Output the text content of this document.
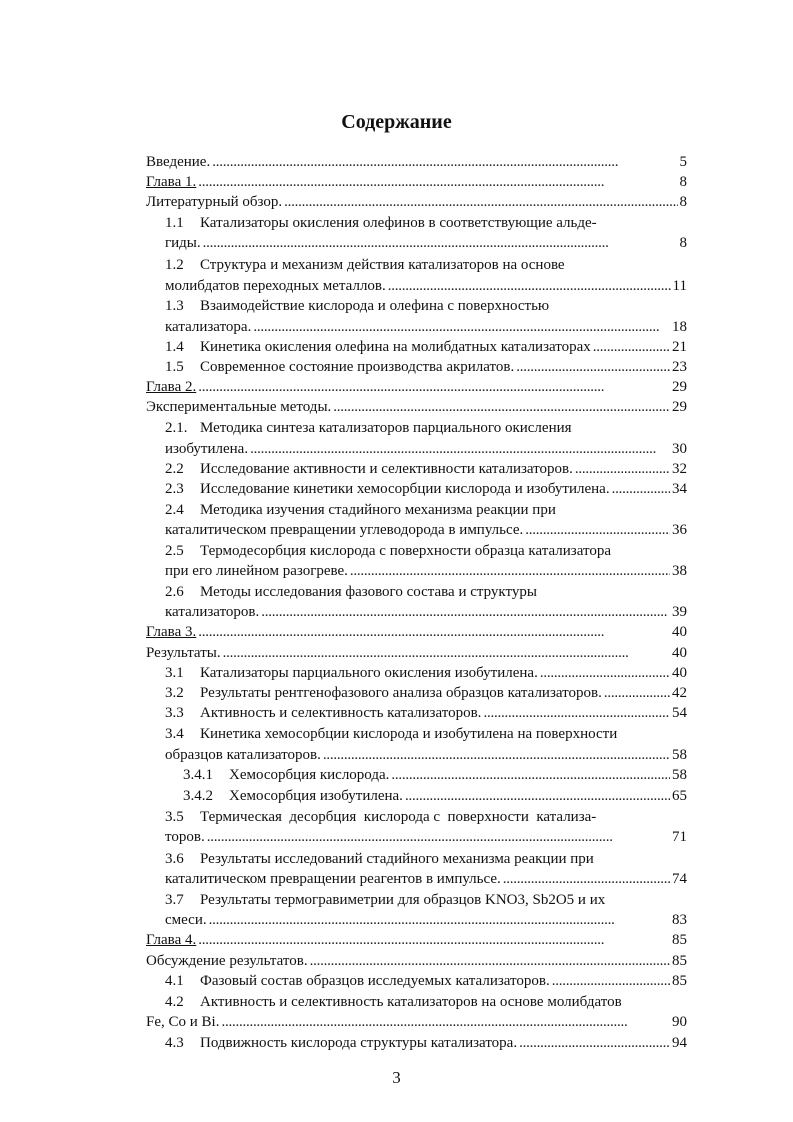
Содержание
Введение. . . .	5
Глава 1. . . .	8
Литературный обзор. . . .	8
1.1	Катализаторы окисления олефинов в соответствующие альде-
гиды. . . .	8
1.2	Структура и механизм действия катализаторов на основе
молибдатов переходных металлов. . . .	11
1.3	Взаимодействие кислорода и олефина с поверхностью
катализатора. . . .	18
1.4	Кинетика окисления олефина на молибдатных катализаторах . . .	21
1.5	Современное состояние производства акрилатов. . . .	23
Глава 2. . . .	29
Экспериментальные методы. . . .	29
2.1. Методика синтеза катализаторов парциального окисления
изобутилена. . . .	30
2.2	Исследование активности и селективности катализаторов. . . .	32
2.3	Исследование кинетики хемосорбции кислорода и изобутилена. . . .	34
2.4	Методика изучения стадийного механизма реакции при
каталитическом превращении углеводорода в импульсе. . . .	36
2.5	Термодесорбция кислорода с поверхности образца катализатора
при его линейном разогреве. . . .	38
2.6	Методы исследования фазового состава и структуры
катализаторов. . . .	39
Глава 3. . . .	40
Результаты. . . .	40
3.1	Катализаторы парциального окисления изобутилена. . . .	40
3.2	Результаты рентгенофазового анализа образцов катализаторов. . . .	42
3.3	Активность и селективность катализаторов. . . .	54
3.4	Кинетика хемосорбции кислорода и изобутилена на поверхности
образцов катализаторов. . . .	58
3.4.1	Хемосорбция кислорода. . . .	58
3.4.2	Хемосорбция изобутилена. . . .	65
3.5	Термическая  десорбция  кислорода с  поверхности  катализа-
торов. . . .	71
3.6	Результаты исследований стадийного механизма реакции при
каталитическом превращении реагентов в импульсе. . . .	74
3.7	Результаты термогравиметрии для образцов KNO3, Sb2O5 и их
смеси. . . .	83
Глава 4. . . .	85
Обсуждение результатов. . . .	85
4.1	Фазовый состав образцов исследуемых катализаторов. . . .	85
4.2	Активность и селективность катализаторов на основе молибдатов
Fe, Co и Bi. . . .	90
4.3	Подвижность кислорода структуры катализатора. . . .	94
3
